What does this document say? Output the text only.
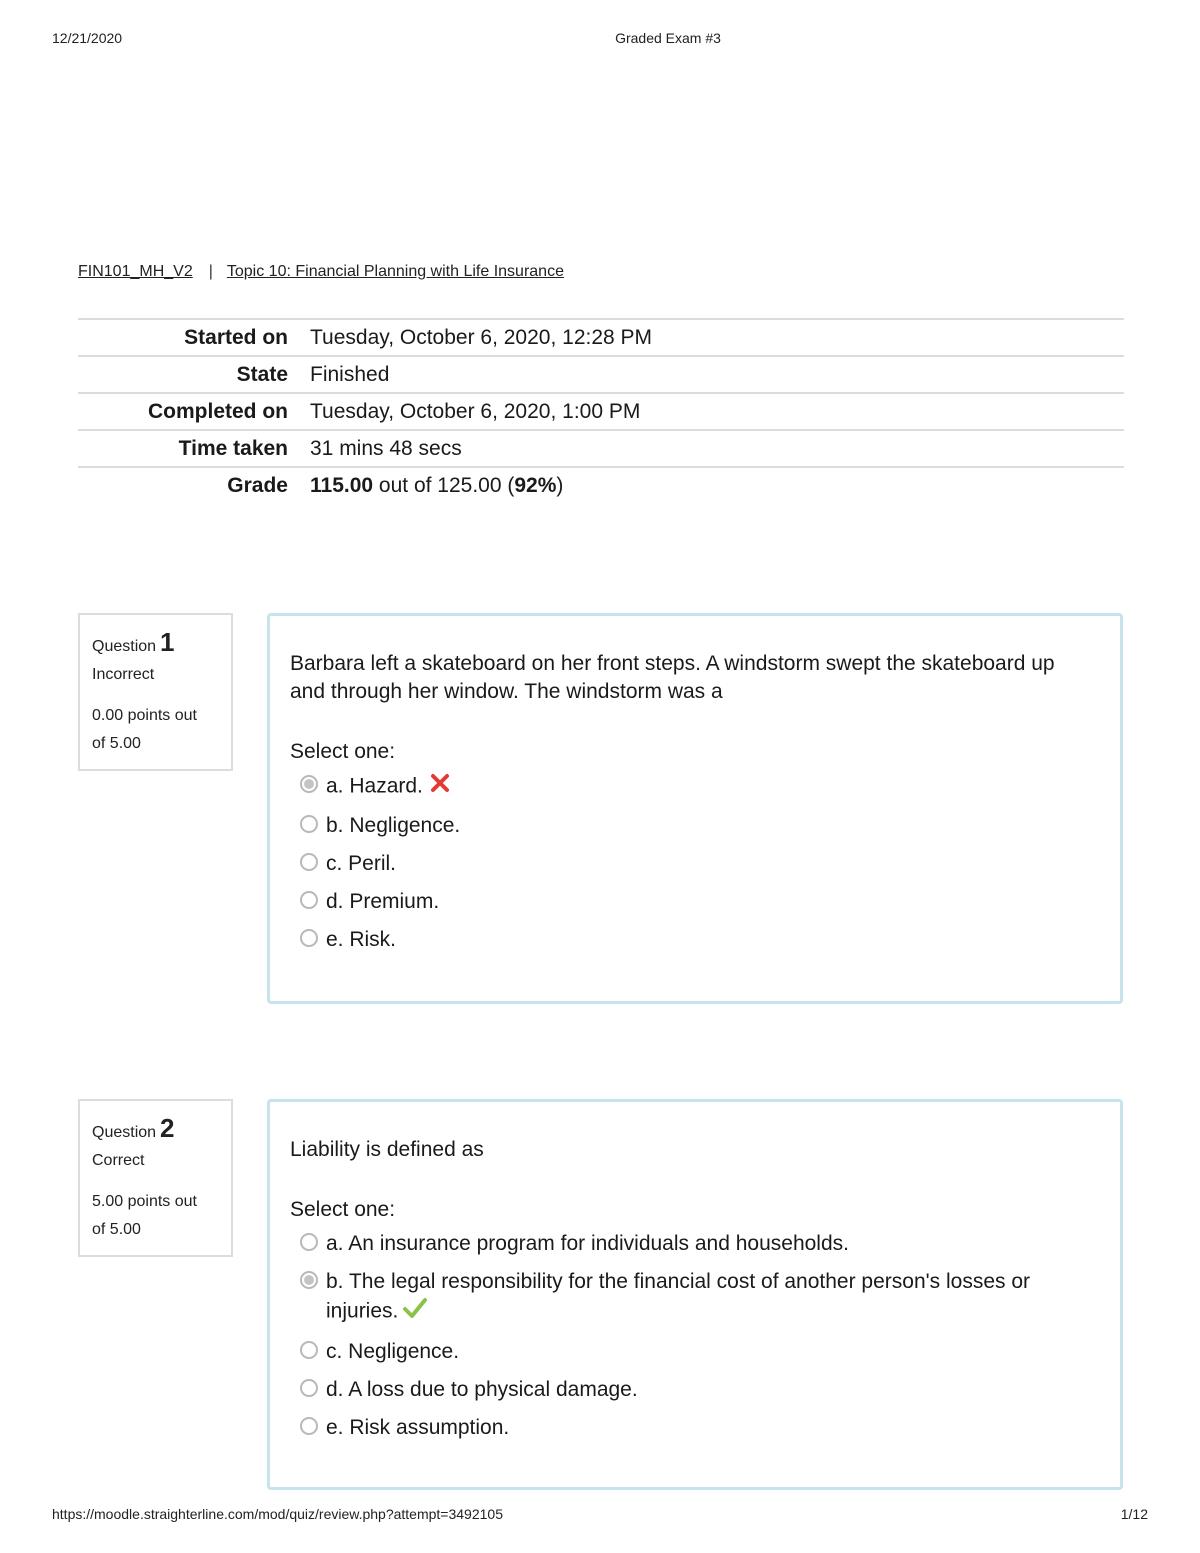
12/21/2020	Graded Exam #3
FIN101_MH_V2 | Topic 10: Financial Planning with Life Insurance
Started on	Tuesday, October 6, 2020, 12:28 PM
State	Finished
Completed on	Tuesday, October 6, 2020, 1:00 PM
Time taken	31 mins 48 secs
Grade	115.00 out of 125.00 (92%)
Question 1
Incorrect
0.00 points out
of 5.00
Barbara left a skateboard on her front steps. A windstorm swept the skateboard up
and through her window. The windstorm was a
Select one:
a. Hazard.
b. Negligence.
c. Peril.
d. Premium.
e. Risk.
Question 2
Correct
5.00 points out
of 5.00
Liability is defined as
Select one:
a. An insurance program for individuals and households.
b. The legal responsibility for the financial cost of another person's losses or injuries.
c. Negligence.
d. A loss due to physical damage.
e. Risk assumption.
https://moodle.straighterline.com/mod/quiz/review.php?attempt=3492105	1/12
